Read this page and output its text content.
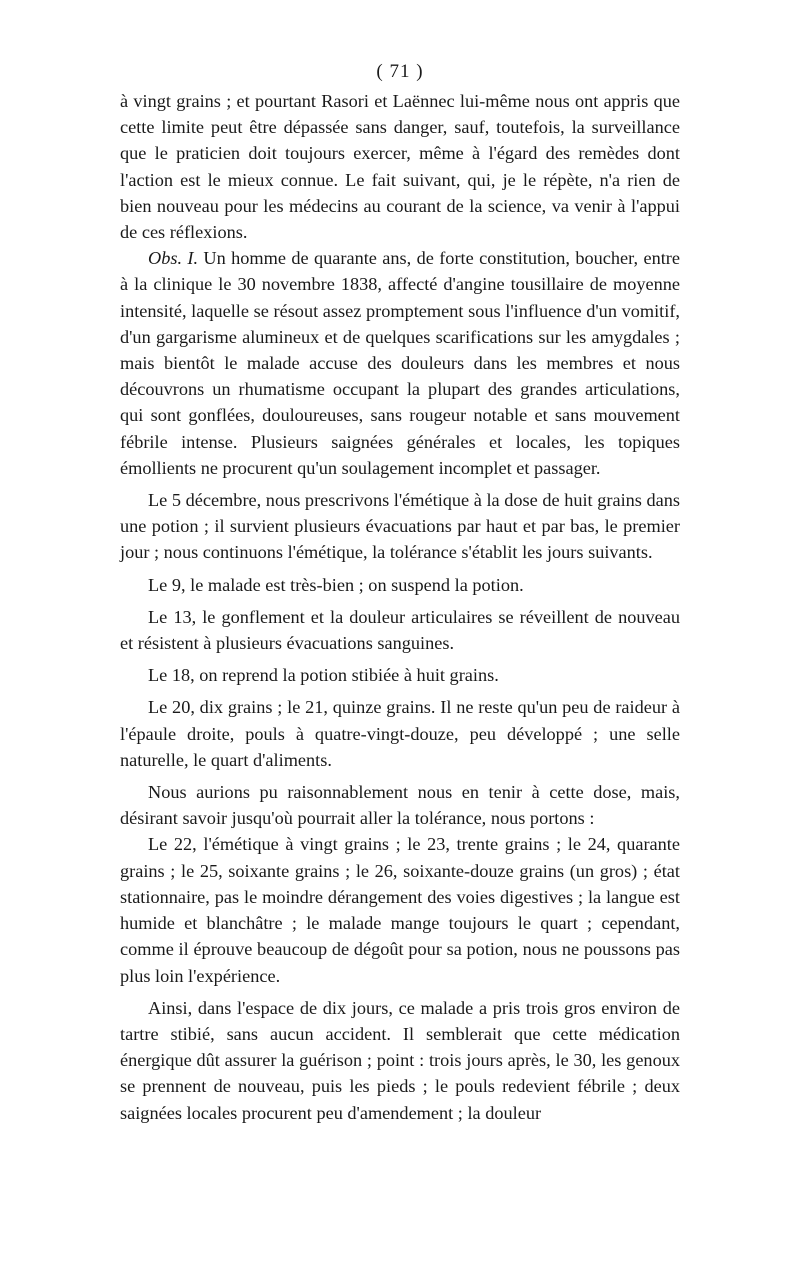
( 71 )

à vingt grains ; et pourtant Rasori et Laënnec lui-même nous ont appris que cette limite peut être dépassée sans danger, sauf, toutefois, la surveillance que le praticien doit toujours exercer, même à l'égard des remèdes dont l'action est le mieux connue. Le fait suivant, qui, je le répète, n'a rien de bien nouveau pour les médecins au courant de la science, va venir à l'appui de ces réflexions.

Obs. I. Un homme de quarante ans, de forte constitution, boucher, entre à la clinique le 30 novembre 1838, affecté d'angine tousillaire de moyenne intensité, laquelle se résout assez promptement sous l'influence d'un vomitif, d'un gargarisme alumineux et de quelques scarifications sur les amygdales ; mais bientôt le malade accuse des douleurs dans les membres et nous découvrons un rhumatisme occupant la plupart des grandes articulations, qui sont gonflées, douloureuses, sans rougeur notable et sans mouvement fébrile intense. Plusieurs saignées générales et locales, les topiques émollients ne procurent qu'un soulagement incomplet et passager.

Le 5 décembre, nous prescrivons l'émétique à la dose de huit grains dans une potion ; il survient plusieurs évacuations par haut et par bas, le premier jour ; nous continuons l'émétique, la tolérance s'établit les jours suivants.

Le 9, le malade est très-bien ; on suspend la potion.

Le 13, le gonflement et la douleur articulaires se réveillent de nouveau et résistent à plusieurs évacuations sanguines.

Le 18, on reprend la potion stibiée à huit grains.

Le 20, dix grains ; le 21, quinze grains. Il ne reste qu'un peu de raideur à l'épaule droite, pouls à quatre-vingt-douze, peu développé ; une selle naturelle, le quart d'aliments.

Nous aurions pu raisonnablement nous en tenir à cette dose, mais, désirant savoir jusqu'où pourrait aller la tolérance, nous portons :

Le 22, l'émétique à vingt grains ; le 23, trente grains ; le 24, quarante grains ; le 25, soixante grains ; le 26, soixante-douze grains (un gros) ; état stationnaire, pas le moindre dérangement des voies digestives ; la langue est humide et blanchâtre ; le malade mange toujours le quart ; cependant, comme il éprouve beaucoup de dégoût pour sa potion, nous ne poussons pas plus loin l'expérience.

Ainsi, dans l'espace de dix jours, ce malade a pris trois gros environ de tartre stibié, sans aucun accident. Il semblerait que cette médication énergique dût assurer la guérison ; point : trois jours après, le 30, les genoux se prennent de nouveau, puis les pieds ; le pouls redevient fébrile ; deux saignées locales procurent peu d'amendement ; la douleur
